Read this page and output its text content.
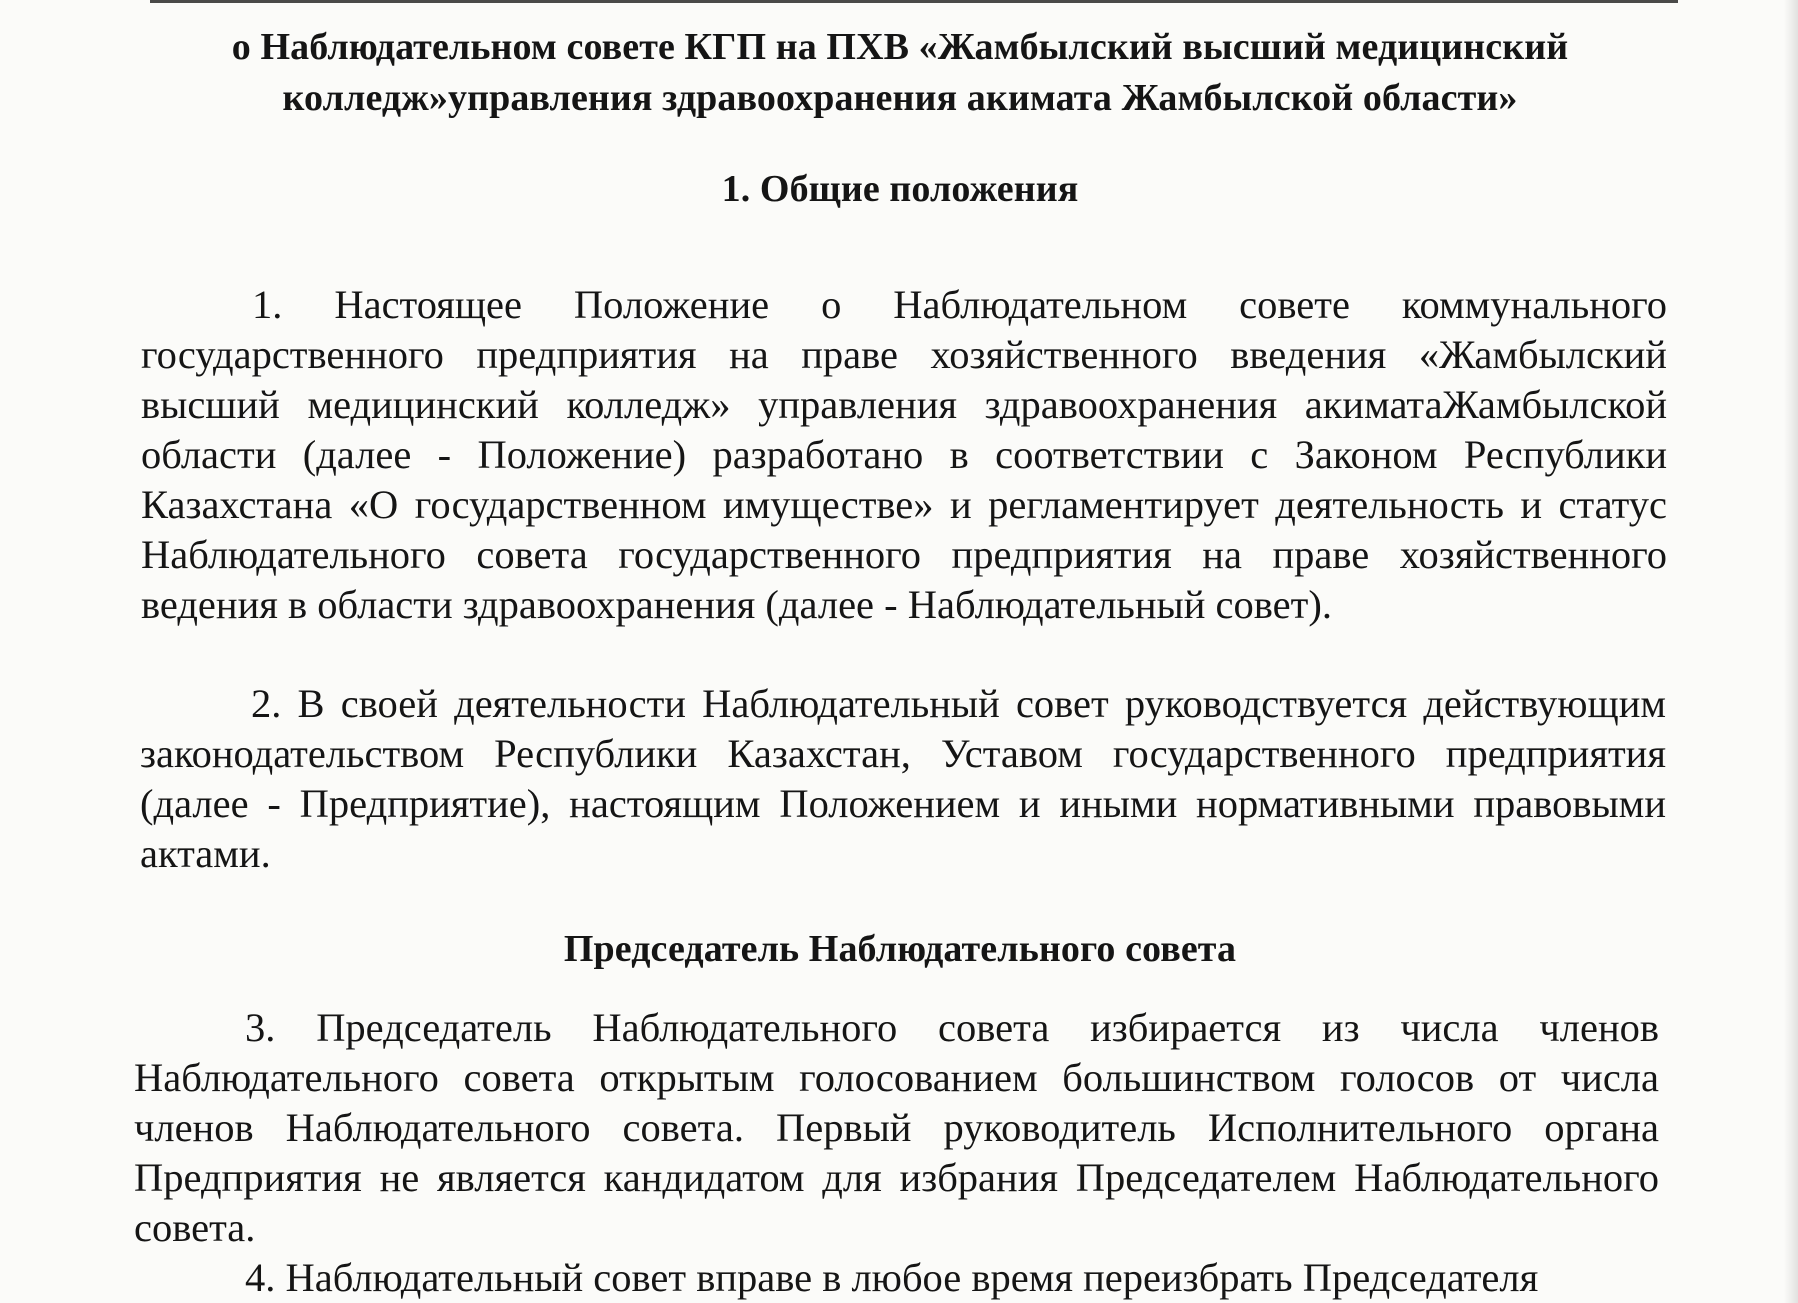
о Наблюдательном совете КГП на ПХВ «Жамбылский высший медицинский колледж»управления здравоохранения акимата Жамбылской области»
1. Общие положения
1. Настоящее Положение о Наблюдательном совете коммунального государственного предприятия на праве хозяйственного введения «Жамбылский высший медицинский колледж» управления здравоохранения акиматаЖамбылской области (далее - Положение) разработано в соответствии с Законом Республики Казахстана «О государственном имуществе» и регламентирует деятельность и статус Наблюдательного совета государственного предприятия на праве хозяйственного ведения в области здравоохранения (далее - Наблюдательный совет).
2. В своей деятельности Наблюдательный совет руководствуется действующим законодательством Республики Казахстан, Уставом государственного предприятия (далее - Предприятие), настоящим Положением и иными нормативными правовыми актами.
Председатель Наблюдательного совета
3. Председатель Наблюдательного совета избирается из числа членов Наблюдательного совета открытым голосованием большинством голосов от числа членов Наблюдательного совета. Первый руководитель Исполнительного органа Предприятия не является кандидатом для избрания Председателем Наблюдательного совета.
4. Наблюдательный совет вправе в любое время переизбрать Председателя
